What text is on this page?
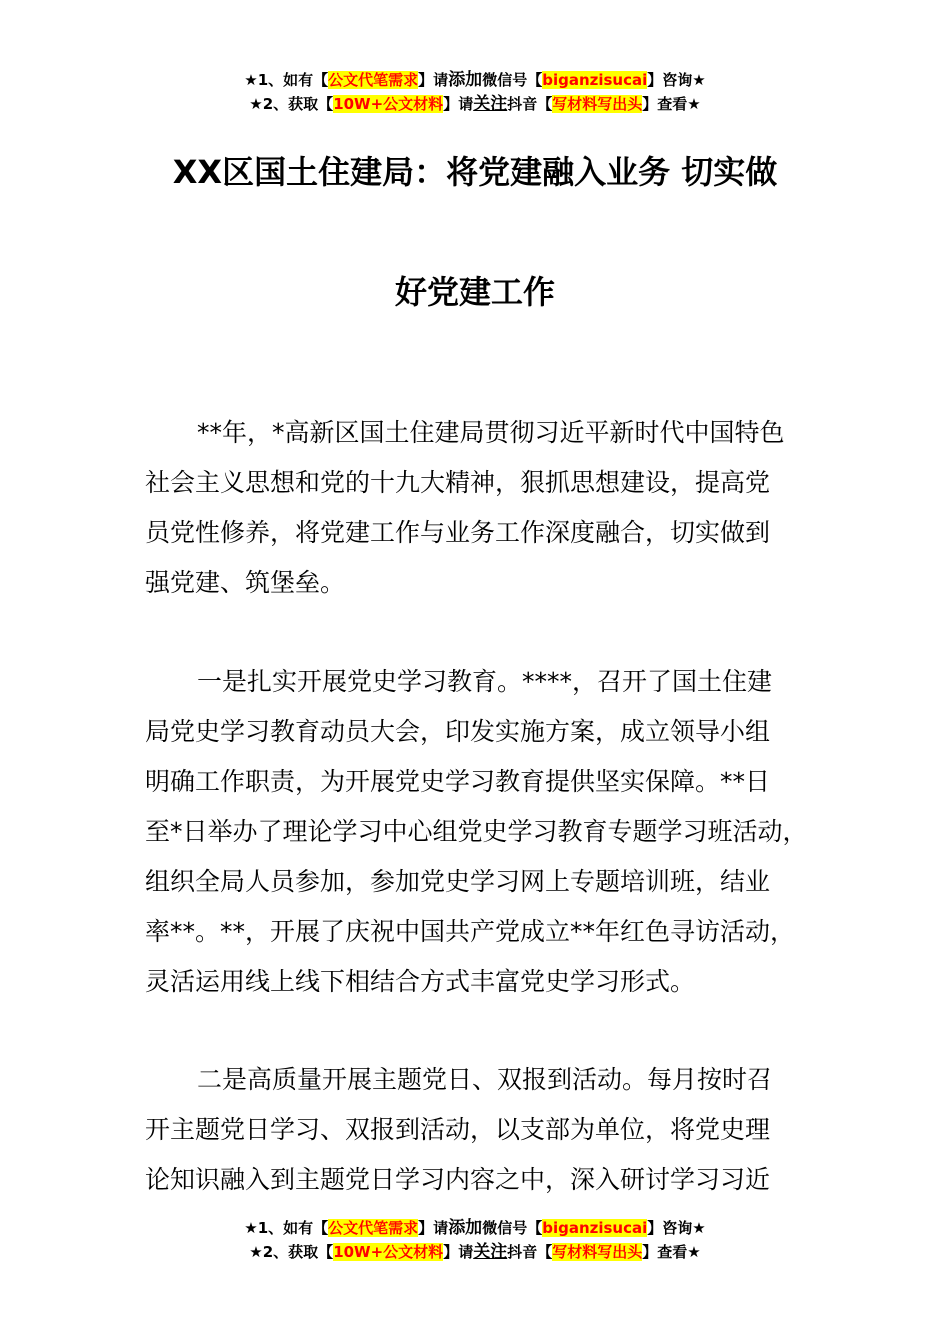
★1、如有【公文代笔需求】请添加微信号【biganzisucai】咨询★
★2、获取【10W+公文材料】请关注抖音【写材料写出头】查看★
XX区国土住建局：将党建融入业务 切实做
好党建工作
**年，*高新区国土住建局贯彻习近平新时代中国特色
社会主义思想和党的十九大精神，狠抓思想建设，提高党
员党性修养，将党建工作与业务工作深度融合，切实做到
强党建、筑堡垒。
一是扎实开展党史学习教育。****，召开了国土住建
局党史学习教育动员大会，印发实施方案，成立领导小组
明确工作职责，为开展党史学习教育提供坚实保障。**日
至*日举办了理论学习中心组党史学习教育专题学习班活动，
组织全局人员参加，参加党史学习网上专题培训班，结业
率**。**，开展了庆祝中国共产党成立**年红色寻访活动，
灵活运用线上线下相结合方式丰富党史学习形式。
二是高质量开展主题党日、双报到活动。每月按时召
开主题党日学习、双报到活动，以支部为单位，将党史理
论知识融入到主题党日学习内容之中，深入研讨学习习近
★1、如有【公文代笔需求】请添加微信号【biganzisucai】咨询★
★2、获取【10W+公文材料】请关注抖音【写材料写出头】查看★
